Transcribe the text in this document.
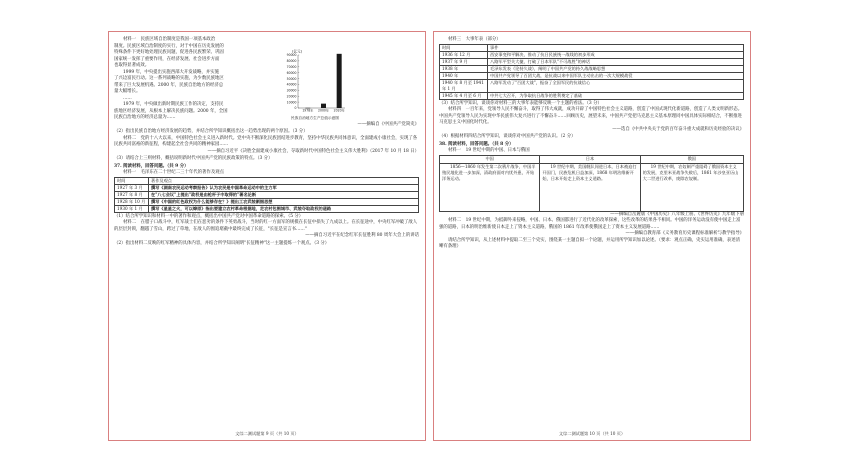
材料一　民族区域自治制度是我国一项基本政治

制度。民族区域自治制度的实行，对于中国在历史发展的

特殊条件下更好地处理民族问题，促进各民族繁荣、巩固

国家统一发挥了重要作用，在经济发展、社会进步方面

也取得显著成效。

1999 年，中央提出实施西部大开发战略，并实施

了兴边富民行动。这一系列战略的实施，为少数民族地区

带来了巨大发展机遇。2000 年，民族自治地方的经济总

量大幅增长。

……

1979 年，中央做出新时期民族工作的决定，支持民

族地区经济发展，从根本上解决民族问题。2000 年，全国

民族自治地方的经济总量为……

——摘编自《中国共产党简史》

（2）指出民族自治地方经济发展的趋势，并结合所学知识概括出这一趋势出现的两个原因。（3 分）

材料二　党的十八大以来，中国特色社会主义进入新时代。党中央不断深化民族团结进步教育，坚持中华民族共同体意识，全面建成小康社会，实现了各民族共同富裕的新征程，构建起全社会共同的精神家园……

——摘自习近平《决胜全面建成小康社会，夺取新时代中国特色社会主义伟大胜利》（2017 年 10 月 18 日）

（3）请结合上三则材料，概括说明新时代中国共产党的民族政策的特点。（3 分）

37. 阅读材料，回答问题。（共 9 分）

材料一　毛泽东在二十世纪二三十年代的著作及观点

时间	著作及观点
1927 年 3 月	撰写《湖南农民运动考察报告》认为农民是中国革命运动中的主力军
1927 年 8 月	在"八七会议"上提出"政权是由枪杆子中取得的"著名论断
1928 年 10 月	撰写《中国的红色政权为什么能够存在？》提出工农武装割据思想
1930 年 1 月	撰写《星星之火，可以燎原》指出要建立农村革命根据地，走农村包围城市、武装夺取政权的道路

（1）结合所学知识和材料一中的著作和观点，概括出中国共产党对中国革命道路的探索。（5 分）

材料二　在腊子口战斗中，红军战士们在恶劣的条件下英勇战斗，当时的红一方面军的规模在长征中损失了九成以上。在长征途中，中央红军冲破了敌人的层层封锁，翻越了雪山，跨过了草地，在敌人的围追堵截中最终完成了长征，"长征是宣言书……"

——摘自习近平在纪念红军长征胜利 80 周年大会上的讲话

（2）指出材料二反映的红军精神的具体内容，并结合所学知识阐明"长征精神"这一主题提炼一个观点。（3 分）

(亿元)
0
10000
20000
30000
40000
50000
60000
70000
80000
90000
1978年 2000年 2020年
民族自治地方生产总值示意图
文综二测试题第 9 页（共 10 页）

材料三　大事年表（部分）

时间	事件
1936 年 12 月	西安事变和平解决，推动了抗日民族统一战线的初步形成
1937 年 9 月	八路军平型关大捷，打破了日本军队"不可战胜"的神话
1938 年	毛泽东发表《论持久战》，阐明了中国共产党的持久战战略思想
1940 年	中国共产党领导了百团大战，是抗战以来中国军队主动出击的一次大规模战役
1940 年 8 月至 1941 年 1 月	八路军发动了"百团大战"，振奋了全国军民的抗战信心
1945 年 4 月至 6 月	中共七大召开，为争取抗日战争的胜利奠定了基础

（3）结合所学知识，谈谈你对材料三的大事年表能够反映一个主题的看法。（3 分）

材料四　一百年来，党领导人民不懈奋斗，取得了伟大成就，成功开辟了中国特色社会主义道路，创造了中国式现代化新道路，创造了人类文明新形态。中国共产党领导人民为实现中华民族伟大复兴进行了不懈奋斗……回顾历史，展望未来，中国共产党把马克思主义基本原理同中国具体实际相结合，不断推进马克思主义中国化时代化。

——选自《中共中央关于党的百年奋斗重大成就和历史经验的决议》

（4）根据材料四结合所学知识，谈谈你对中国共产党的认识。（2 分）

38. 阅读材料，回答问题。（共 8 分）

材料一　19 世纪中期的中国、日本与俄国

中国	日本	俄国
1856—1860 年发生第二次鸦片战争，中国半殖民地化进一步加深，清政府面对内忧外患，开始洋务运动。	19 世纪中期，美国舰队闯进日本，日本被迫打开国门，民族危机日益加深，1868 年明治维新开始，日本开始走上资本主义道路。	19 世纪中期，农奴制严重阻碍了俄国资本主义的发展，克里米亚战争失败后，1861 年沙皇亚历山大二世进行改革，废除农奴制。

——摘编自岳麓版《中国历史》八年级上册、《世界历史》九年级下册

材料二　19 世纪中期，为抵御外来侵略，中国、日本、俄国都进行了近代化的改革探索，这些改革的结果各不相同。中国的洋务运动没有使中国走上富强的道路，日本的明治维新使日本走上了资本主义道路，俄国的 1861 年改革使俄国走上了资本主义发展道路……

——摘编自教育部《义务教育历史课程标准解析与教学指导》

请结合所学知识，从上述材料中提取二至三个史实，围绕某一主题自拟一个论题，并运用所学知识加以论述。（要求：观点正确，史实运用准确，表述清晰有条理）

文综二测试题第 10 页（共 10 页）
